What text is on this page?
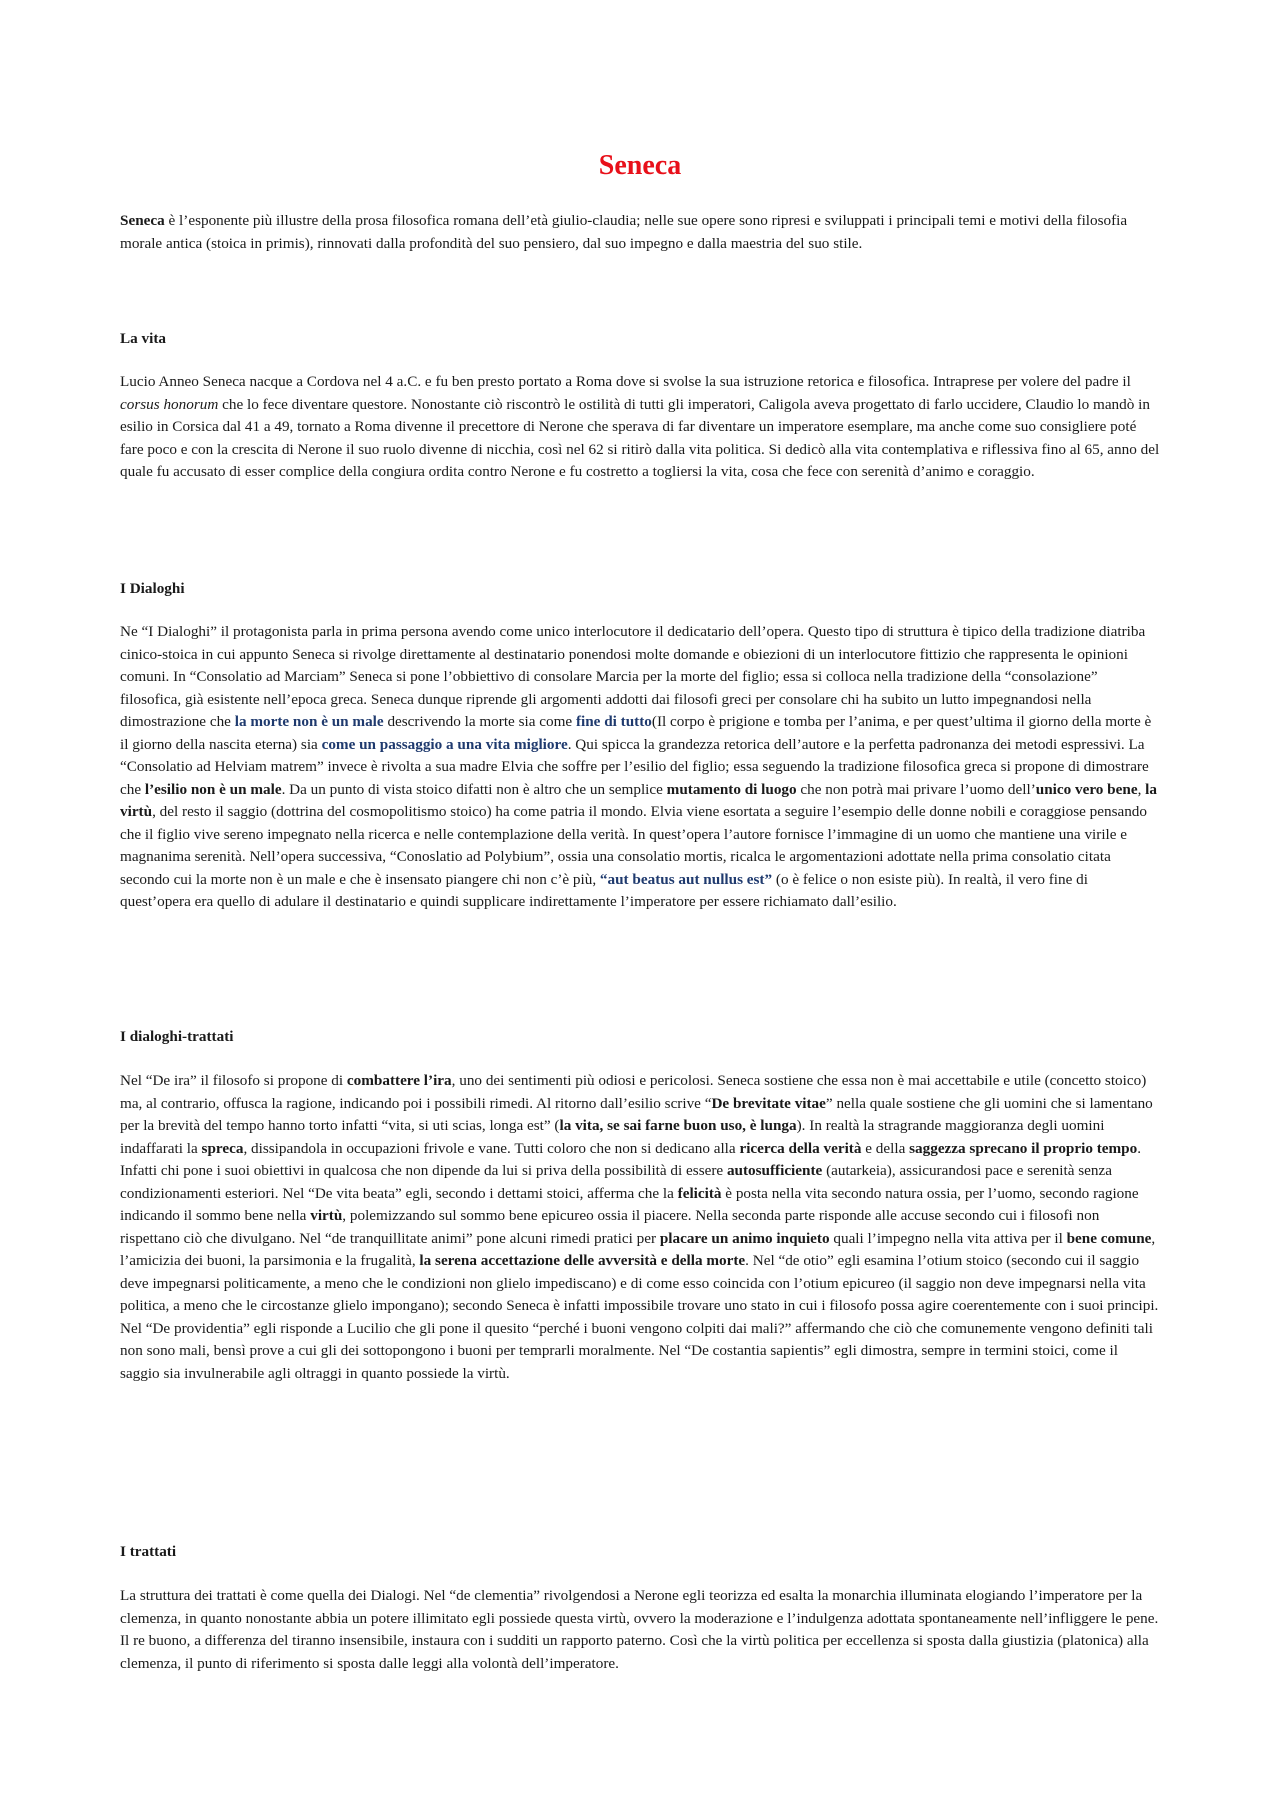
Seneca

Seneca è l’esponente più illustre della prosa filosofica romana dell’età giulio-claudia; nelle sue opere sono ripresi e sviluppati i principali temi e motivi della filosofia morale antica (stoica in primis), rinnovati dalla profondità del suo pensiero, dal suo impegno e dalla maestria del suo stile.

La vita

Lucio Anneo Seneca nacque a Cordova nel 4 a.C. e fu ben presto portato a Roma dove si svolse la sua istruzione retorica e filosofica. Intraprese per volere del padre il corsus honorum che lo fece diventare questore. Nonostante ciò riscontrò le ostilità di tutti gli imperatori, Caligola aveva progettato di farlo uccidere, Claudio lo mandò in esilio in Corsica dal 41 a 49, tornato a Roma divenne il precettore di Nerone che sperava di far diventare un imperatore esemplare, ma anche come suo consigliere poté fare poco e con la crescita di Nerone il suo ruolo divenne di nicchia, così nel 62 si ritirò dalla vita politica. Si dedicò alla vita contemplativa e riflessiva fino al 65, anno del quale fu accusato di esser complice della congiura ordita contro Nerone e fu costretto a togliersi la vita, cosa che fece con serenità d’animo e coraggio.

I Dialoghi

Ne “I Dialoghi” il protagonista parla in prima persona avendo come unico interlocutore il dedicatario dell’opera. Questo tipo di struttura è tipico della tradizione diatriba cinico-stoica in cui appunto Seneca si rivolge direttamente al destinatario ponendosi molte domande e obiezioni di un interlocutore fittizio che rappresenta le opinioni comuni. In “Consolatio ad Marciam” Seneca si pone l’obbiettivo di consolare Marcia per la morte del figlio; essa si colloca nella tradizione della “consolazione” filosofica, già esistente nell’epoca greca. Seneca dunque riprende gli argomenti addotti dai filosofi greci per consolare chi ha subito un lutto impegnandosi nella dimostrazione che la morte non è un male descrivendo la morte sia come fine di tutto(Il corpo è prigione e tomba per l’anima, e per quest’ultima il giorno della morte è il giorno della nascita eterna) sia come un passaggio a una vita migliore. Qui spicca la grandezza retorica dell’autore e la perfetta padronanza dei metodi espressivi. La “Consolatio ad Helviam matrem” invece è rivolta a sua madre Elvia che soffre per l’esilio del figlio; essa seguendo la tradizione filosofica greca si propone di dimostrare che l’esilio non è un male. Da un punto di vista stoico difatti non è altro che un semplice mutamento di luogo che non potrà mai privare l’uomo dell’unico vero bene, la virtù, del resto il saggio (dottrina del cosmopolitismo stoico) ha come patria il mondo. Elvia viene esortata a seguire l’esempio delle donne nobili e coraggiose pensando che il figlio vive sereno impegnato nella ricerca e nelle contemplazione della verità. In quest’opera l’autore fornisce l’immagine di un uomo che mantiene una virile e magnanima serenità. Nell’opera successiva, “Conoslatio ad Polybium”, ossia una consolatio mortis, ricalca le argomentazioni adottate nella prima consolatio citata secondo cui la morte non è un male e che è insensato piangere chi non c’è più, “aut beatus aut nullus est” (o è felice o non esiste più). In realtà, il vero fine di quest’opera era quello di adulare il destinatario e quindi supplicare indirettamente l’imperatore per essere richiamato dall’esilio.

I dialoghi-trattati

Nel “De ira” il filosofo si propone di combattere l’ira, uno dei sentimenti più odiosi e pericolosi. Seneca sostiene che essa non è mai accettabile e utile (concetto stoico) ma, al contrario, offusca la ragione, indicando poi i possibili rimedi. Al ritorno dall’esilio scrive “De brevitate vitae” nella quale sostiene che gli uomini che si lamentano per la brevità del tempo hanno torto infatti “vita, si uti scias, longa est” (la vita, se sai farne buon uso, è lunga). In realtà la stragrande maggioranza degli uomini indaffarati la spreca, dissipandola in occupazioni frivole e vane. Tutti coloro che non si dedicano alla ricerca della verità e della saggezza sprecano il proprio tempo. Infatti chi pone i suoi obiettivi in qualcosa che non dipende da lui si priva della possibilità di essere autosufficiente (autarkeia), assicurandosi pace e serenità senza condizionamenti esteriori. Nel “De vita beata” egli, secondo i dettami stoici, afferma che la felicità è posta nella vita secondo natura ossia, per l’uomo, secondo ragione indicando il sommo bene nella virtù, polemizzando sul sommo bene epicureo ossia il piacere. Nella seconda parte risponde alle accuse secondo cui i filosofi non rispettano ciò che divulgano. Nel “de tranquillitate animi” pone alcuni rimedi pratici per placare un animo inquieto quali l’impegno nella vita attiva per il bene comune, l’amicizia dei buoni, la parsimonia e la frugalità, la serena accettazione delle avversità e della morte. Nel “de otio” egli esamina l’otium stoico (secondo cui il saggio deve impegnarsi politicamente, a meno che le condizioni non glielo impediscano) e di come esso coincida con l’otium epicureo (il saggio non deve impegnarsi nella vita politica, a meno che le circostanze glielo impongano); secondo Seneca è infatti impossibile trovare uno stato in cui i filosofo possa agire coerentemente con i suoi principi. Nel “De providentia” egli risponde a Lucilio che gli pone il quesito “perché i buoni vengono colpiti dai mali?” affermando che ciò che comunemente vengono definiti tali non sono mali, bensì prove a cui gli dei sottopongono i buoni per temprarli moralmente. Nel “De costantia sapientis” egli dimostra, sempre in termini stoici, come il saggio sia invulnerabile agli oltraggi in quanto possiede la virtù.

I trattati

La struttura dei trattati è come quella dei Dialogi. Nel “de clementia” rivolgendosi a Nerone egli teorizza ed esalta la monarchia illuminata elogiando l’imperatore per la clemenza, in quanto nonostante abbia un potere illimitato egli possiede questa virtù, ovvero la moderazione e l’indulgenza adottata spontaneamente nell’infliggere le pene. Il re buono, a differenza del tiranno insensibile, instaura con i sudditi un rapporto paterno. Così che la virtù politica per eccellenza si sposta dalla giustizia (platonica) alla clemenza, il punto di riferimento si sposta dalle leggi alla volontà dell’imperatore.
